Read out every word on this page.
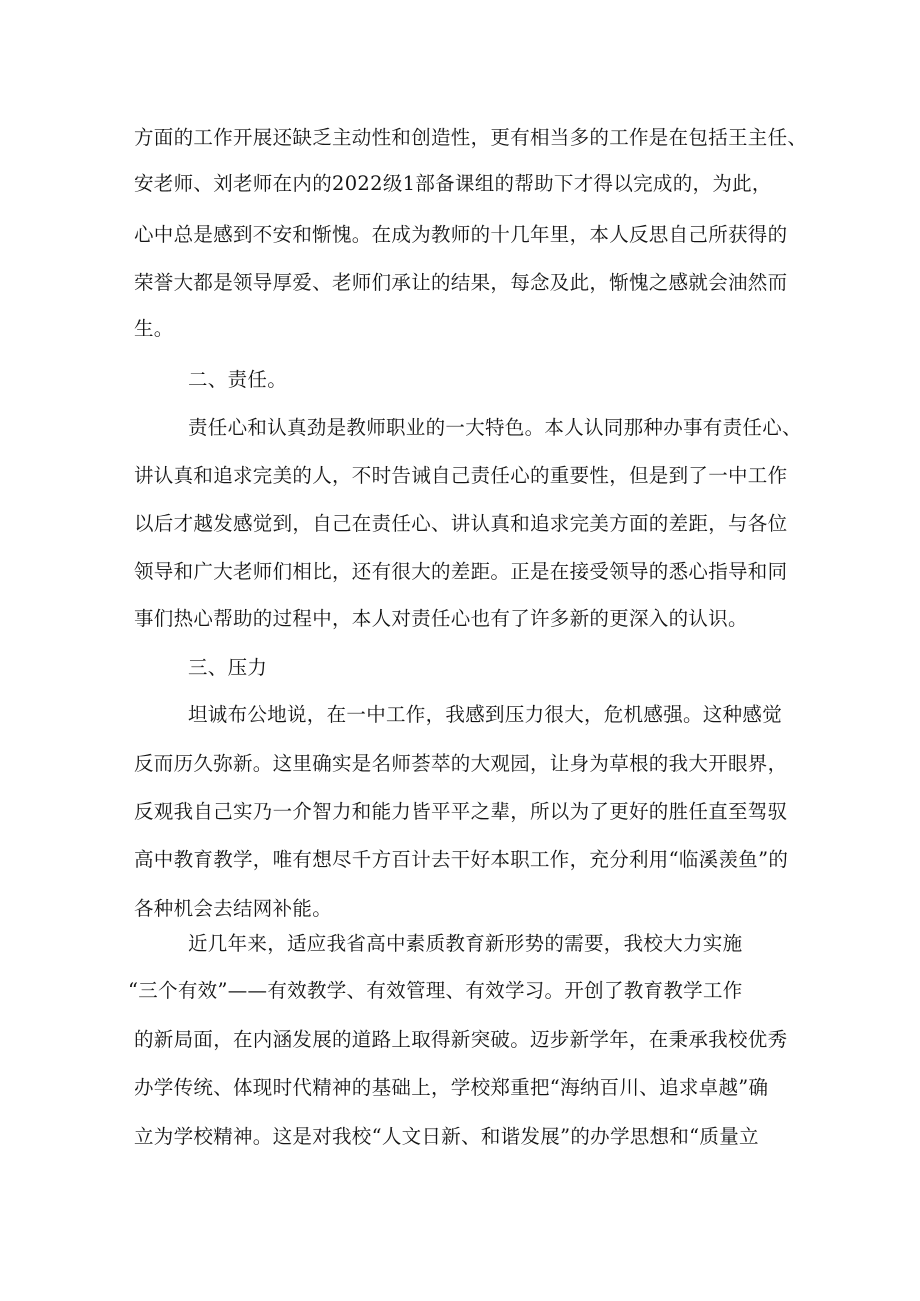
方面的工作开展还缺乏主动性和创造性，更有相当多的工作是在包括王主任、
安老师、刘老师在内的2022级1部备课组的帮助下才得以完成的，为此，
心中总是感到不安和惭愧。在成为教师的十几年里，本人反思自己所获得的
荣誉大都是领导厚爱、老师们承让的结果，每念及此，惭愧之感就会油然而
生。
二、责任。
责任心和认真劲是教师职业的一大特色。本人认同那种办事有责任心、
讲认真和追求完美的人，不时告诫自己责任心的重要性，但是到了一中工作
以后才越发感觉到，自己在责任心、讲认真和追求完美方面的差距，与各位
领导和广大老师们相比，还有很大的差距。正是在接受领导的悉心指导和同
事们热心帮助的过程中，本人对责任心也有了许多新的更深入的认识。
三、压力
坦诚布公地说，在一中工作，我感到压力很大，危机感强。这种感觉
反而历久弥新。这里确实是名师荟萃的大观园，让身为草根的我大开眼界，
反观我自己实乃一介智力和能力皆平平之辈，所以为了更好的胜任直至驾驭
高中教育教学，唯有想尽千方百计去干好本职工作，充分利用“临溪羡鱼”的
各种机会去结网补能。
近几年来，适应我省高中素质教育新形势的需要，我校大力实施
“三个有效”——有效教学、有效管理、有效学习。开创了教育教学工作
的新局面，在内涵发展的道路上取得新突破。迈步新学年，在秉承我校优秀
办学传统、体现时代精神的基础上，学校郑重把“海纳百川、追求卓越”确
立为学校精神。这是对我校“人文日新、和谐发展”的办学思想和“质量立
